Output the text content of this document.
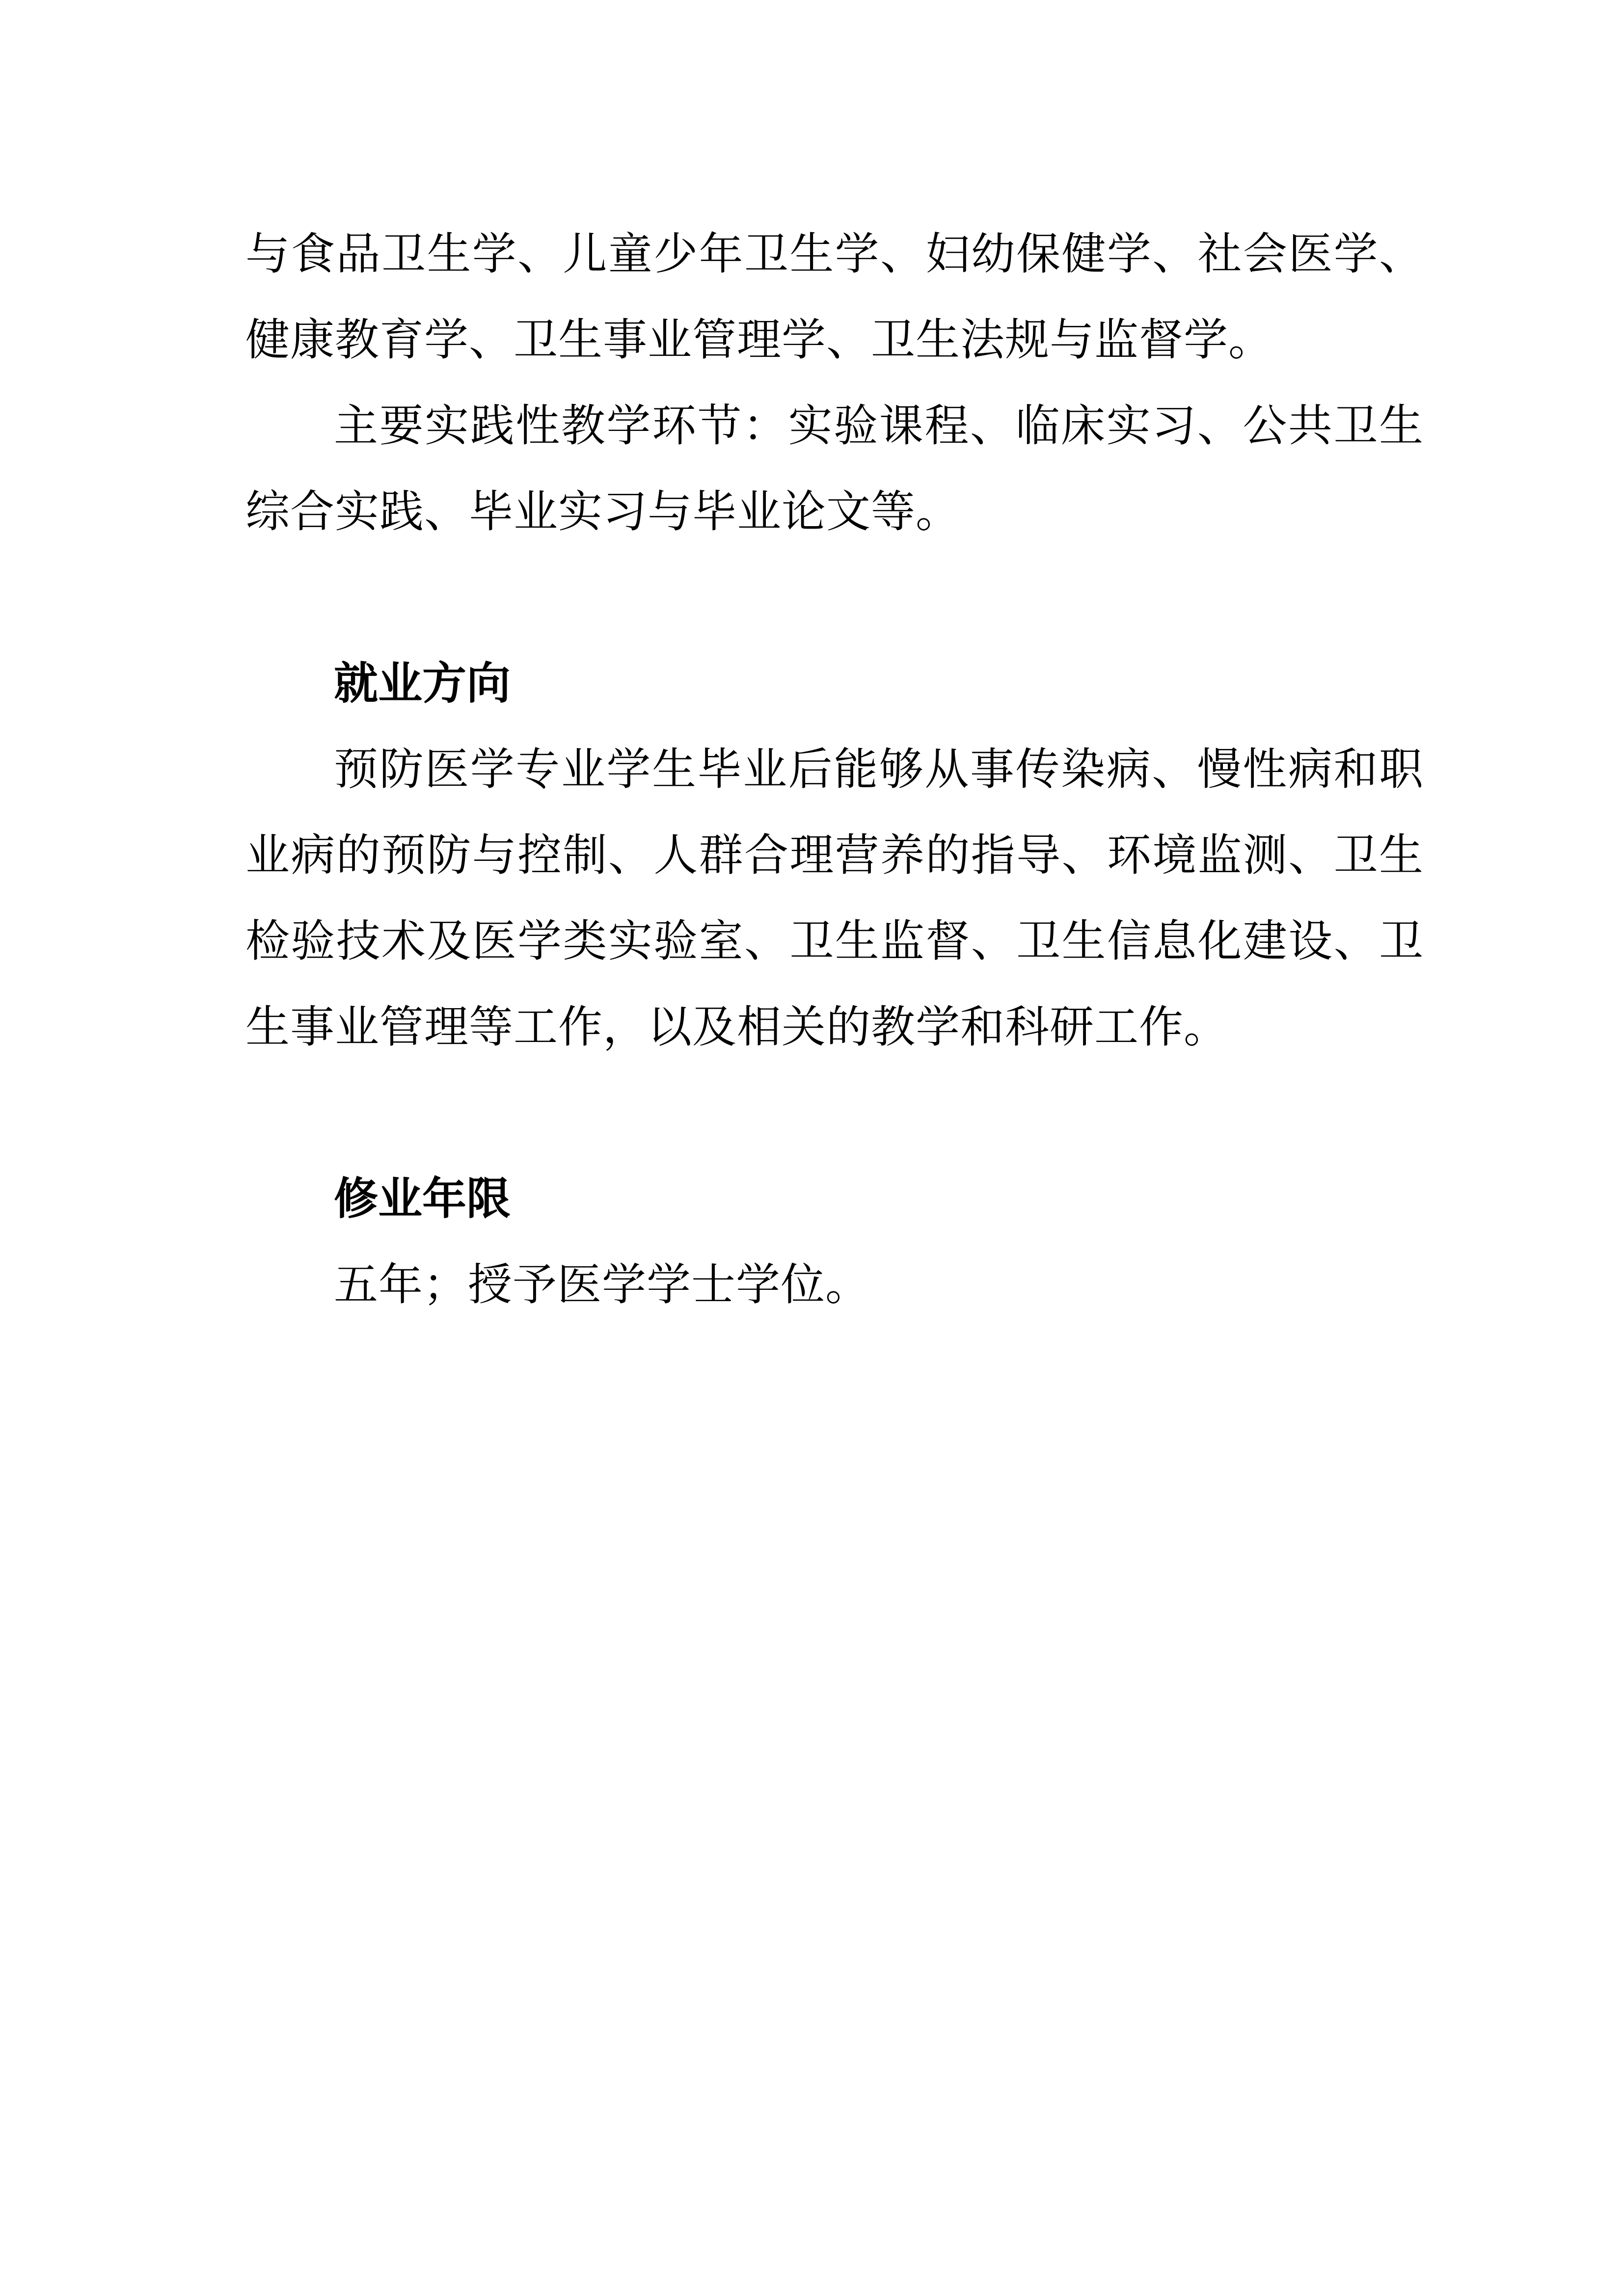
与食品卫生学、儿童少年卫生学、妇幼保健学、社会医学、健康教育学、卫生事业管理学、卫生法规与监督学。

主要实践性教学环节：实验课程、临床实习、公共卫生综合实践、毕业实习与毕业论文等。

就业方向

预防医学专业学生毕业后能够从事传染病、慢性病和职业病的预防与控制、人群合理营养的指导、环境监测、卫生检验技术及医学类实验室、卫生监督、卫生信息化建设、卫生事业管理等工作，以及相关的教学和科研工作。

修业年限

五年；授予医学学士学位。
